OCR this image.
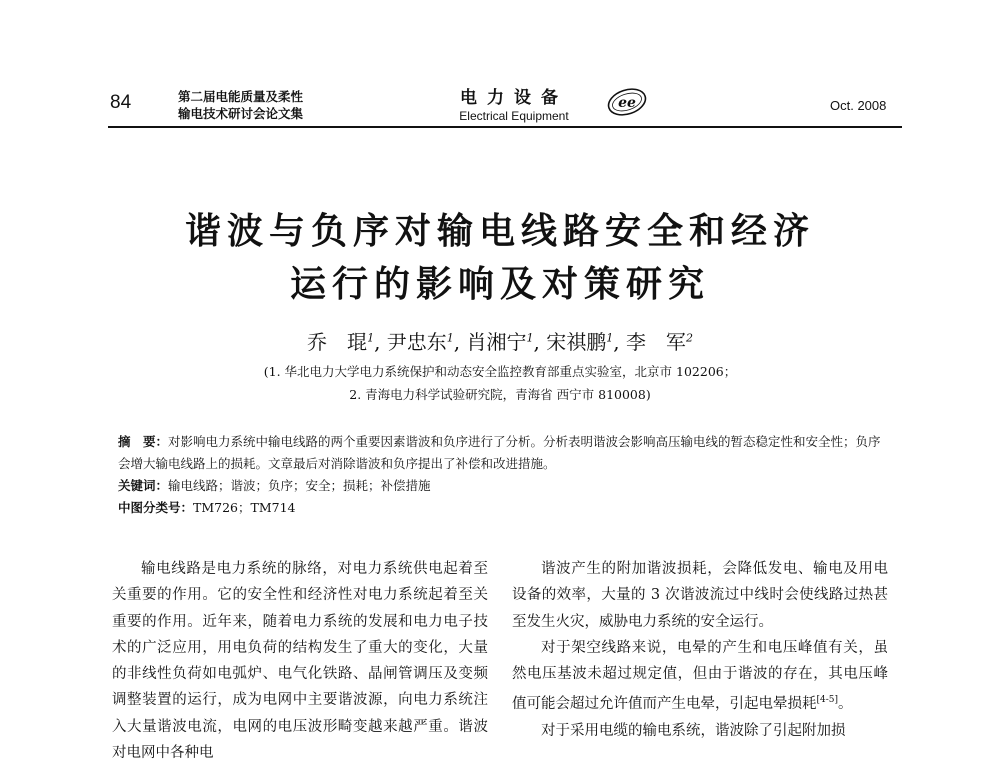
84	第二届电能质量及柔性
输电技术研讨会论文集
电力设备
Electrical Equipment
ee	Oct. 2008
谐波与负序对输电线路安全和经济
运行的影响及对策研究
乔　琨$^1$, 尹忠东$^1$, 肖湘宁$^1$, 宋祺鹏$^1$, 李　军$^2$
(1. 华北电力大学电力系统保护和动态安全监控教育部重点实验室，北京市 102206；
2. 青海电力科学试验研究院，青海省 西宁市 810008)
摘　要：对影响电力系统中输电线路的两个重要因素谐波和负序进行了分析。分析表明谐波会影响高压输电线的暂态稳定性和安全性；负序会增大输电线路上的损耗。文章最后对消除谐波和负序提出了补偿和改进措施。
关键词：输电线路；谐波；负序；安全；损耗；补偿措施
中图分类号：TM726；TM714

输电线路是电力系统的脉络，对电力系统供电起着至关重要的作用。它的安全性和经济性对电力系统起着至关重要的作用。近年来，随着电力系统的发展和电力电子技术的广泛应用，用电负荷的结构发生了重大的变化，大量的非线性负荷如电弧炉、电气化铁路、晶闸管调压及变频调整装置的运行，成为电网中主要谐波源，向电力系统注入大量谐波电流，电网的电压波形畸变越来越严重。谐波对电网中各种电

谐波产生的附加谐波损耗，会降低发电、输电及用电设备的效率，大量的 3 次谐波流过中线时会使线路过热甚至发生火灾，威胁电力系统的安全运行。

对于架空线路来说，电晕的产生和电压峰值有关，虽然电压基波未超过规定值，但由于谐波的存在，其电压峰值可能会超过允许值而产生电晕，引起电晕损耗[4-5]。

对于采用电缆的输电系统，谐波除了引起附加损
